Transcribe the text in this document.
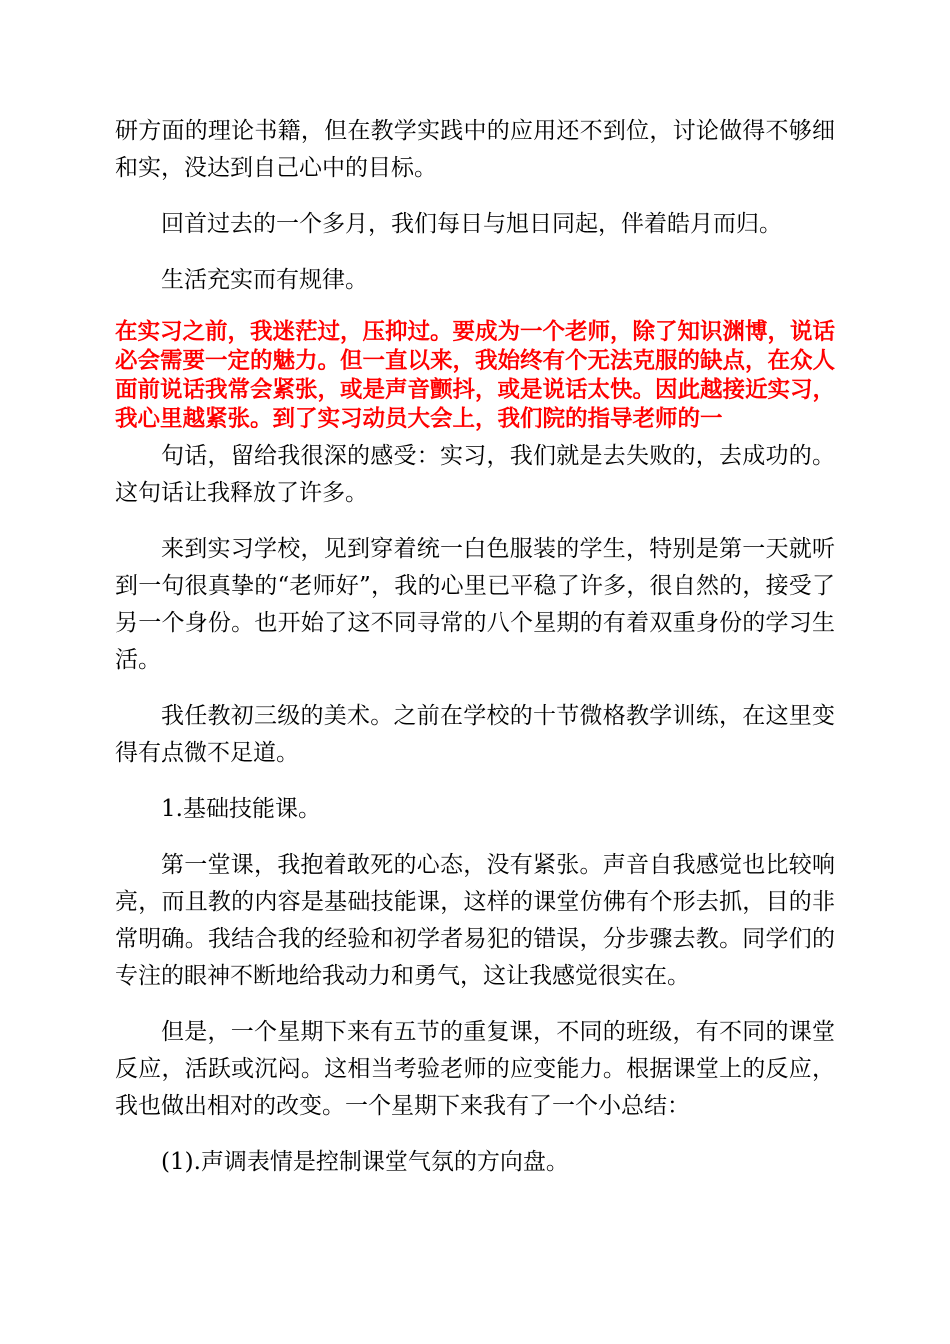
研方面的理论书籍，但在教学实践中的应用还不到位，讨论做得不够细和实，没达到自己心中的目标。

回首过去的一个多月，我们每日与旭日同起，伴着皓月而归。

生活充实而有规律。

在实习之前，我迷茫过，压抑过。要成为一个老师，除了知识渊博，说话必会需要一定的魅力。但一直以来，我始终有个无法克服的缺点，在众人面前说话我常会紧张，或是声音颤抖，或是说话太快。因此越接近实习，我心里越紧张。到了实习动员大会上，我们院的指导老师的一

句话，留给我很深的感受：实习，我们就是去失败的，去成功的。这句话让我释放了许多。

来到实习学校，见到穿着统一白色服装的学生，特别是第一天就听到一句很真挚的“老师好”，我的心里已平稳了许多，很自然的，接受了另一个身份。也开始了这不同寻常的八个星期的有着双重身份的学习生活。

我任教初三级的美术。之前在学校的十节微格教学训练，在这里变得有点微不足道。

1.基础技能课。

第一堂课，我抱着敢死的心态，没有紧张。声音自我感觉也比较响亮，而且教的内容是基础技能课，这样的课堂仿佛有个形去抓，目的非常明确。我结合我的经验和初学者易犯的错误，分步骤去教。同学们的专注的眼神不断地给我动力和勇气，这让我感觉很实在。

但是，一个星期下来有五节的重复课，不同的班级，有不同的课堂反应，活跃或沉闷。这相当考验老师的应变能力。根据课堂上的反应，我也做出相对的改变。一个星期下来我有了一个小总结：

(1).声调表情是控制课堂气氛的方向盘。
